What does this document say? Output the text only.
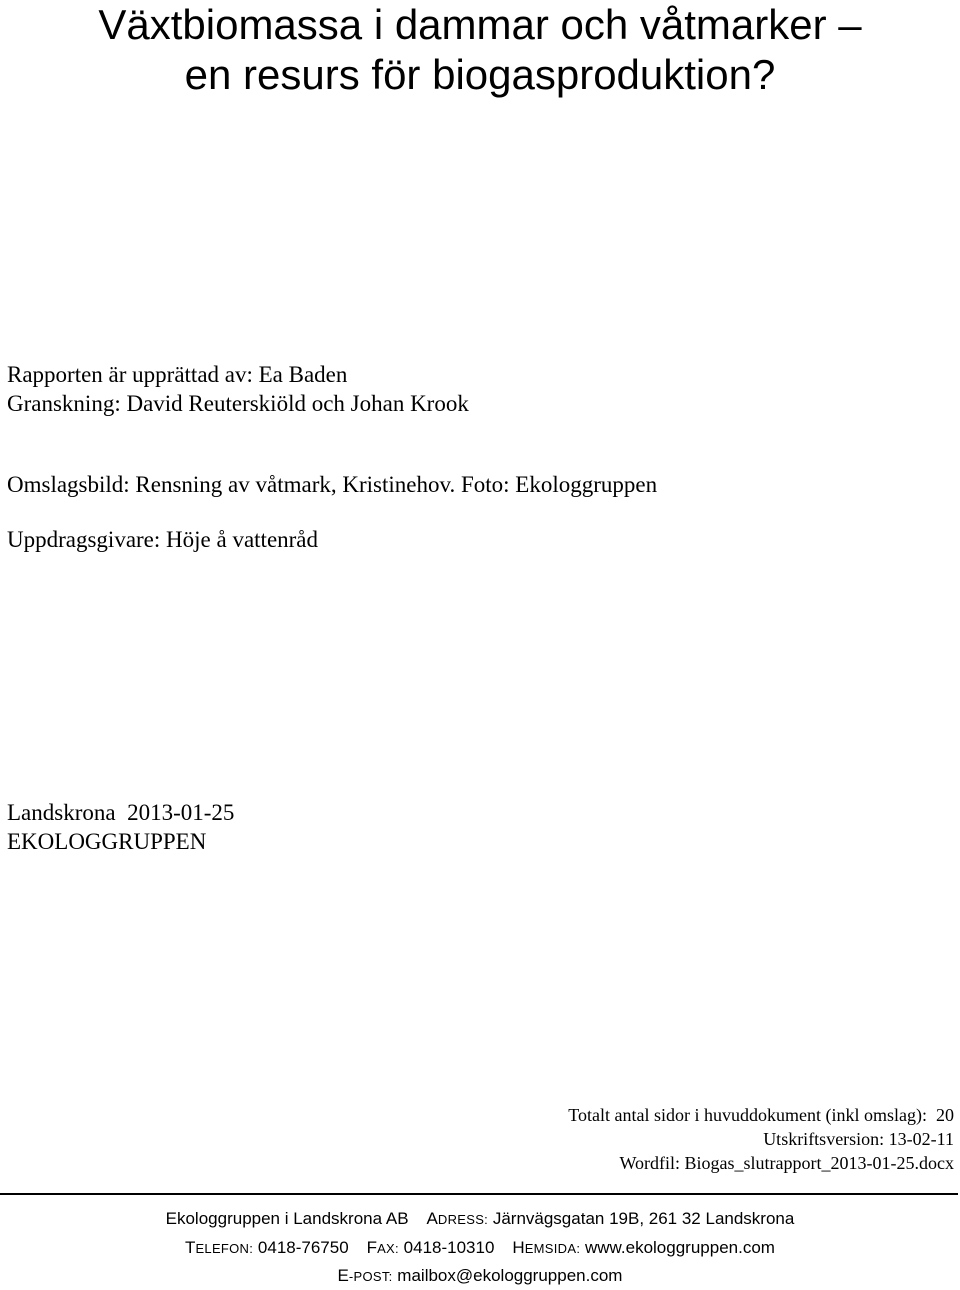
Växtbiomassa i dammar och våtmarker –
en resurs för biogasproduktion?

Rapporten är upprättad av: Ea Baden

Granskning: David Reuterskiöld och Johan Krook

Omslagsbild: Rensning av våtmark, Kristinehov. Foto: Ekologgruppen

Uppdragsgivare: Höje å vattenråd

Landskrona  2013-01-25

EKOLOGGRUPPEN

Totalt antal sidor i huvuddokument (inkl omslag):  20
Utskriftsversion: 13-02-11
Wordfil: Biogas_slutrapport_2013-01-25.docx
Ekologgruppen i Landskrona AB ADRESS: Järnvägsgatan 19B, 261 32 Landskrona
TELEFON: 0418-76750 FAX: 0418-10310 HEMSIDA: www.ekologgruppen.com
E-POST: mailbox@ekologgruppen.com
